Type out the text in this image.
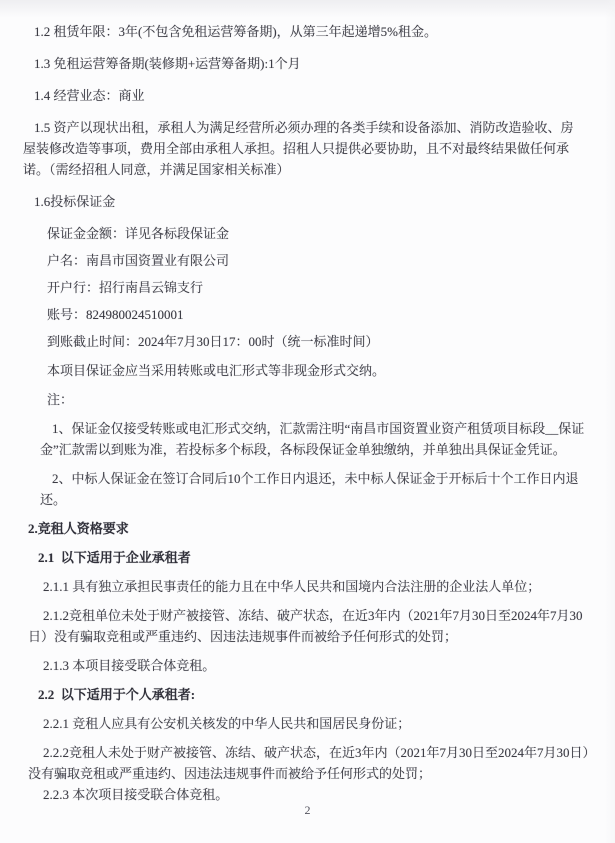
1.2 租赁年限：3年(不包含免租运营筹备期)，从第三年起递增5%租金。

1.3 免租运营筹备期(装修期+运营筹备期):1个月

1.4 经营业态：商业

1.5 资产以现状出租，承租人为满足经营所必须办理的各类手续和设备添加、消防改造验收、房屋装修改造等事项，费用全部由承租人承担。招租人只提供必要协助，且不对最终结果做任何承诺。（需经招租人同意，并满足国家相关标准）

1.6投标保证金

保证金金额：详见各标段保证金

户名：南昌市国资置业有限公司

开户行：招行南昌云锦支行

账号：824980024510001

到账截止时间：2024年7月30日17：00时（统一标准时间）

本项目保证金应当采用转账或电汇形式等非现金形式交纳。

注：

1、保证金仅接受转账或电汇形式交纳，汇款需注明“南昌市国资置业资产租赁项目标段__保证金”汇款需以到账为准，若投标多个标段，各标段保证金单独缴纳，并单独出具保证金凭证。

2、中标人保证金在签订合同后10个工作日内退还，未中标人保证金于开标后十个工作日内退还。

2.竞租人资格要求

2.1  以下适用于企业承租者

2.1.1 具有独立承担民事责任的能力且在中华人民共和国境内合法注册的企业法人单位；

2.1.2竞租单位未处于财产被接管、冻结、破产状态，在近3年内（2021年7月30日至2024年7月30日）没有骗取竞租或严重违约、因违法违规事件而被给予任何形式的处罚；

2.1.3 本项目接受联合体竞租。

2.2  以下适用于个人承租者:

2.2.1 竞租人应具有公安机关核发的中华人民共和国居民身份证；

2.2.2竞租人未处于财产被接管、冻结、破产状态，在近3年内（2021年7月30日至2024年7月30日）没有骗取竞租或严重违约、因违法违规事件而被给予任何形式的处罚；

2.2.3 本次项目接受联合体竞租。

2
